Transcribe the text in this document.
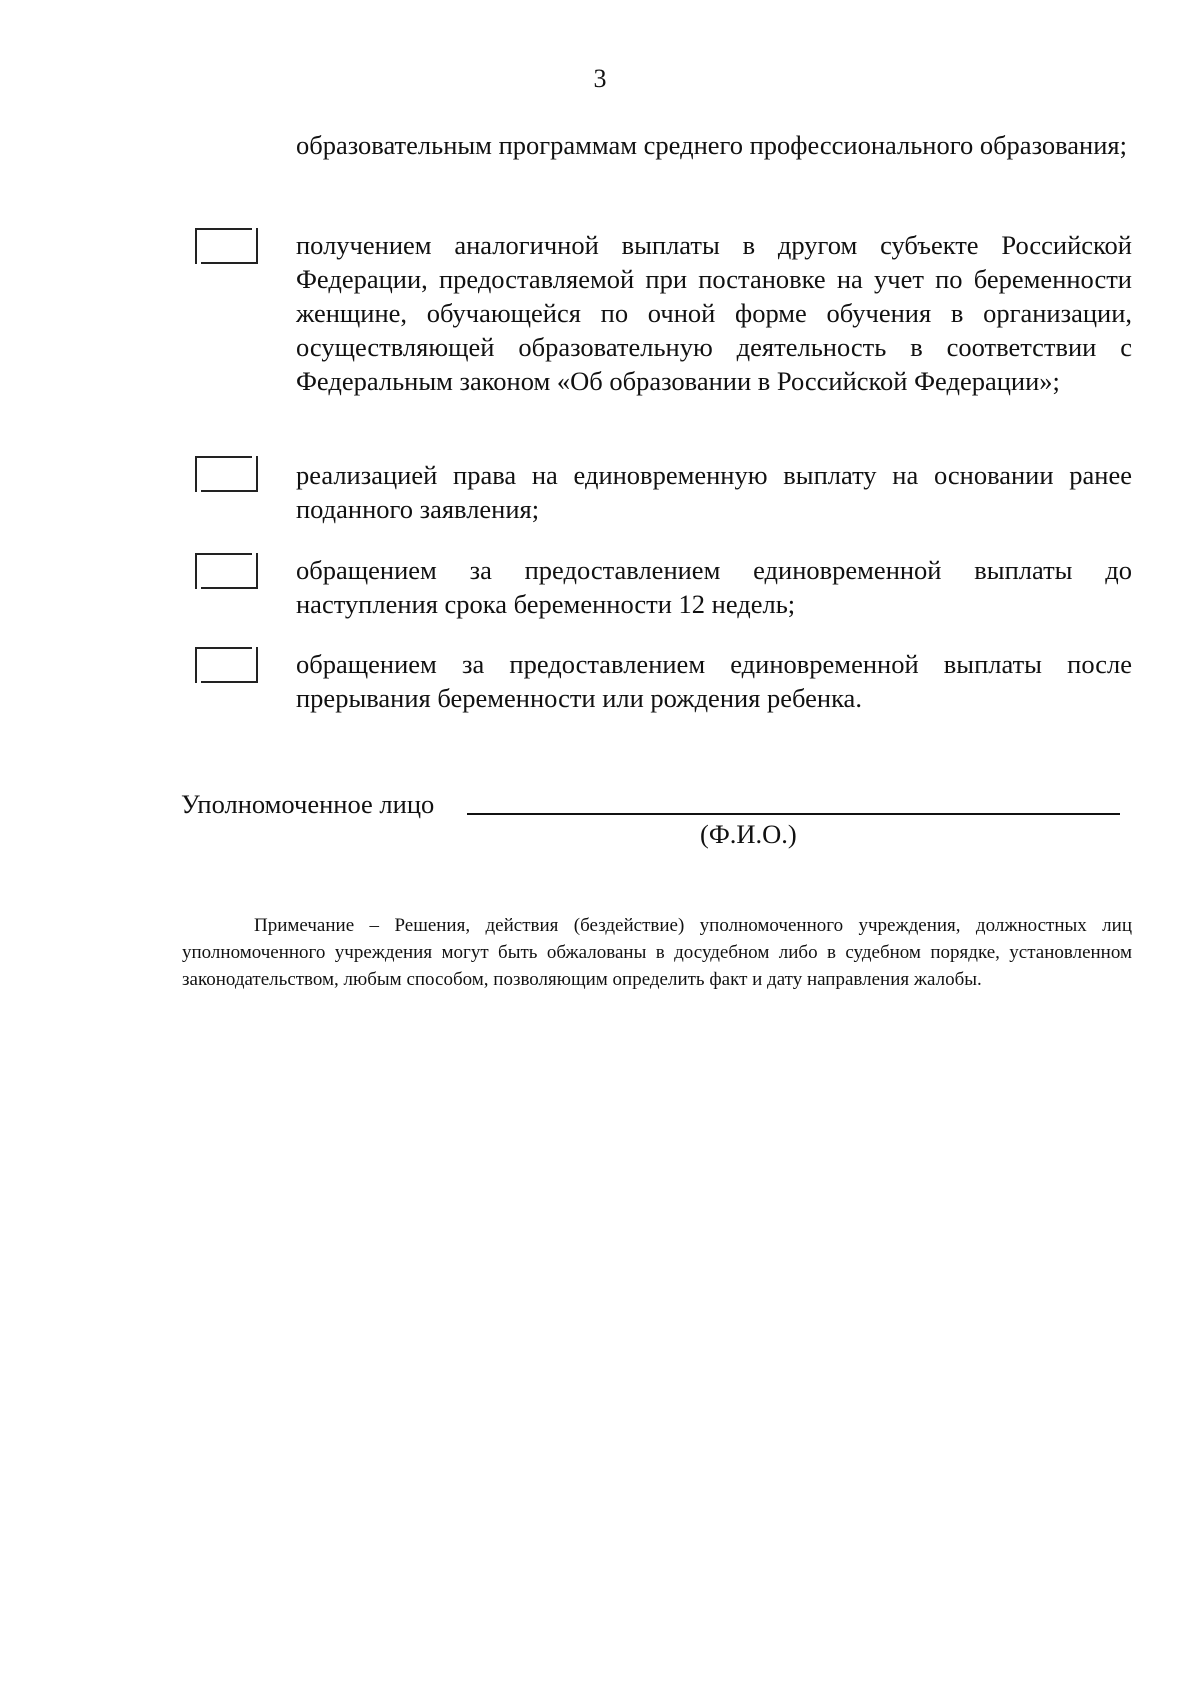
3
образовательным программам среднего профессионального образования;
получением аналогичной выплаты в другом субъекте Российской Федерации, предоставляемой при постановке на учет по беременности женщине, обучающейся по очной форме обучения в организации, осуществляющей образовательную деятельность в соответствии с Федеральным законом «Об образовании в Российской Федерации»;
реализацией права на единовременную выплату на основании ранее поданного заявления;
обращением за предоставлением единовременной выплаты до наступления срока беременности 12 недель;
обращением за предоставлением единовременной выплаты после прерывания беременности или рождения ребенка.
Уполномоченное лицо
(Ф.И.О.)
Примечание – Решения, действия (бездействие) уполномоченного учреждения, должностных лиц уполномоченного учреждения могут быть обжалованы в досудебном либо в судебном порядке, установленном законодательством, любым способом, позволяющим определить факт и дату направления жалобы.
